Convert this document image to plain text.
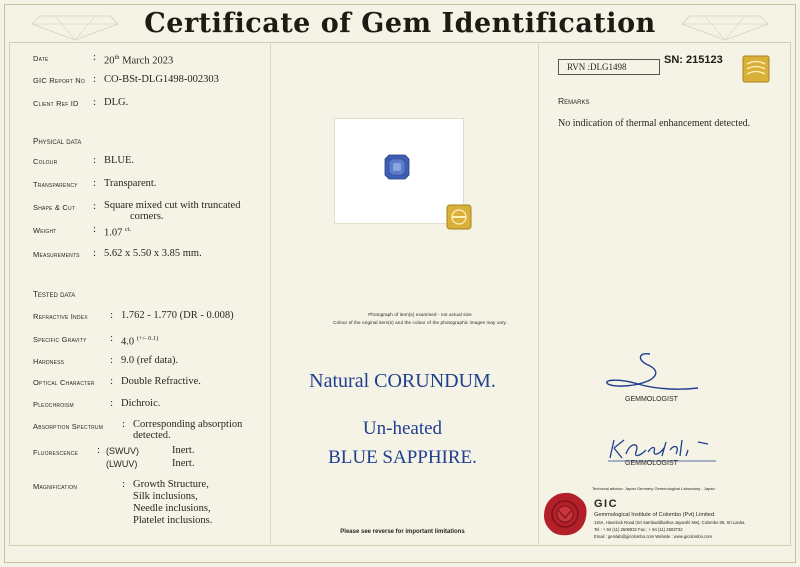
Certificate of Gem Identification
Date	: 20th March 2023
GIC Report No : CO-BSt-DLG1498-002303
Client Ref ID : DLG.
Physical data
Colour	: BLUE.
Transparency : Transparent.
Shape & Cut : Square mixed cut with truncated
corners.
Weight	: 1.07 $^{ct.}$
Measurements : 5.62 x 5.50 x 3.85 mm.
Tested data
Refractive Index : 1.762 - 1.770 (DR - 0.008)
Specific Gravity : 4.0 $^{(+/- 0.1)}$
Hardness	: 9.0 (ref data).
Optical Character : Double Refractive.
Pleochroism	: Dichroic.
Absorption Spectrum : Corresponding absorption
detected.
Fluorescence : (SWUV)	Inert.
(LWUV)	Inert.
Magnification	: Growth Structure,
Silk inclusions,
Needle inclusions,
Platelet inclusions.
Photograph of item(s) examined - not actual size
Colour of the original item(s) and the colour of the photographic images may vary.
Natural CORUNDUM.
Un-heated
BLUE SAPPHIRE.
Please see reverse for important limitations
RVN :DLG1498
SN: 215123
Remarks
No indication of thermal enhancement detected.
GEMMOLOGIST
GEMMOLOGIST
Technical advisor: Japan Germany Gemmological Laboratory - Japan
GIC
Gemmological Institute of Colombo (Pvt) Limited.
115A, Havelock Road (Sri Sambuddhathva Jayanthi Mw), Colombo 05. Sri Lanka.
Tel : + 94 (11) 2506932 Fax : + 94 (11) 2503732
Email : gemlab@gicolombo.com Website : www.gicolombo.com
